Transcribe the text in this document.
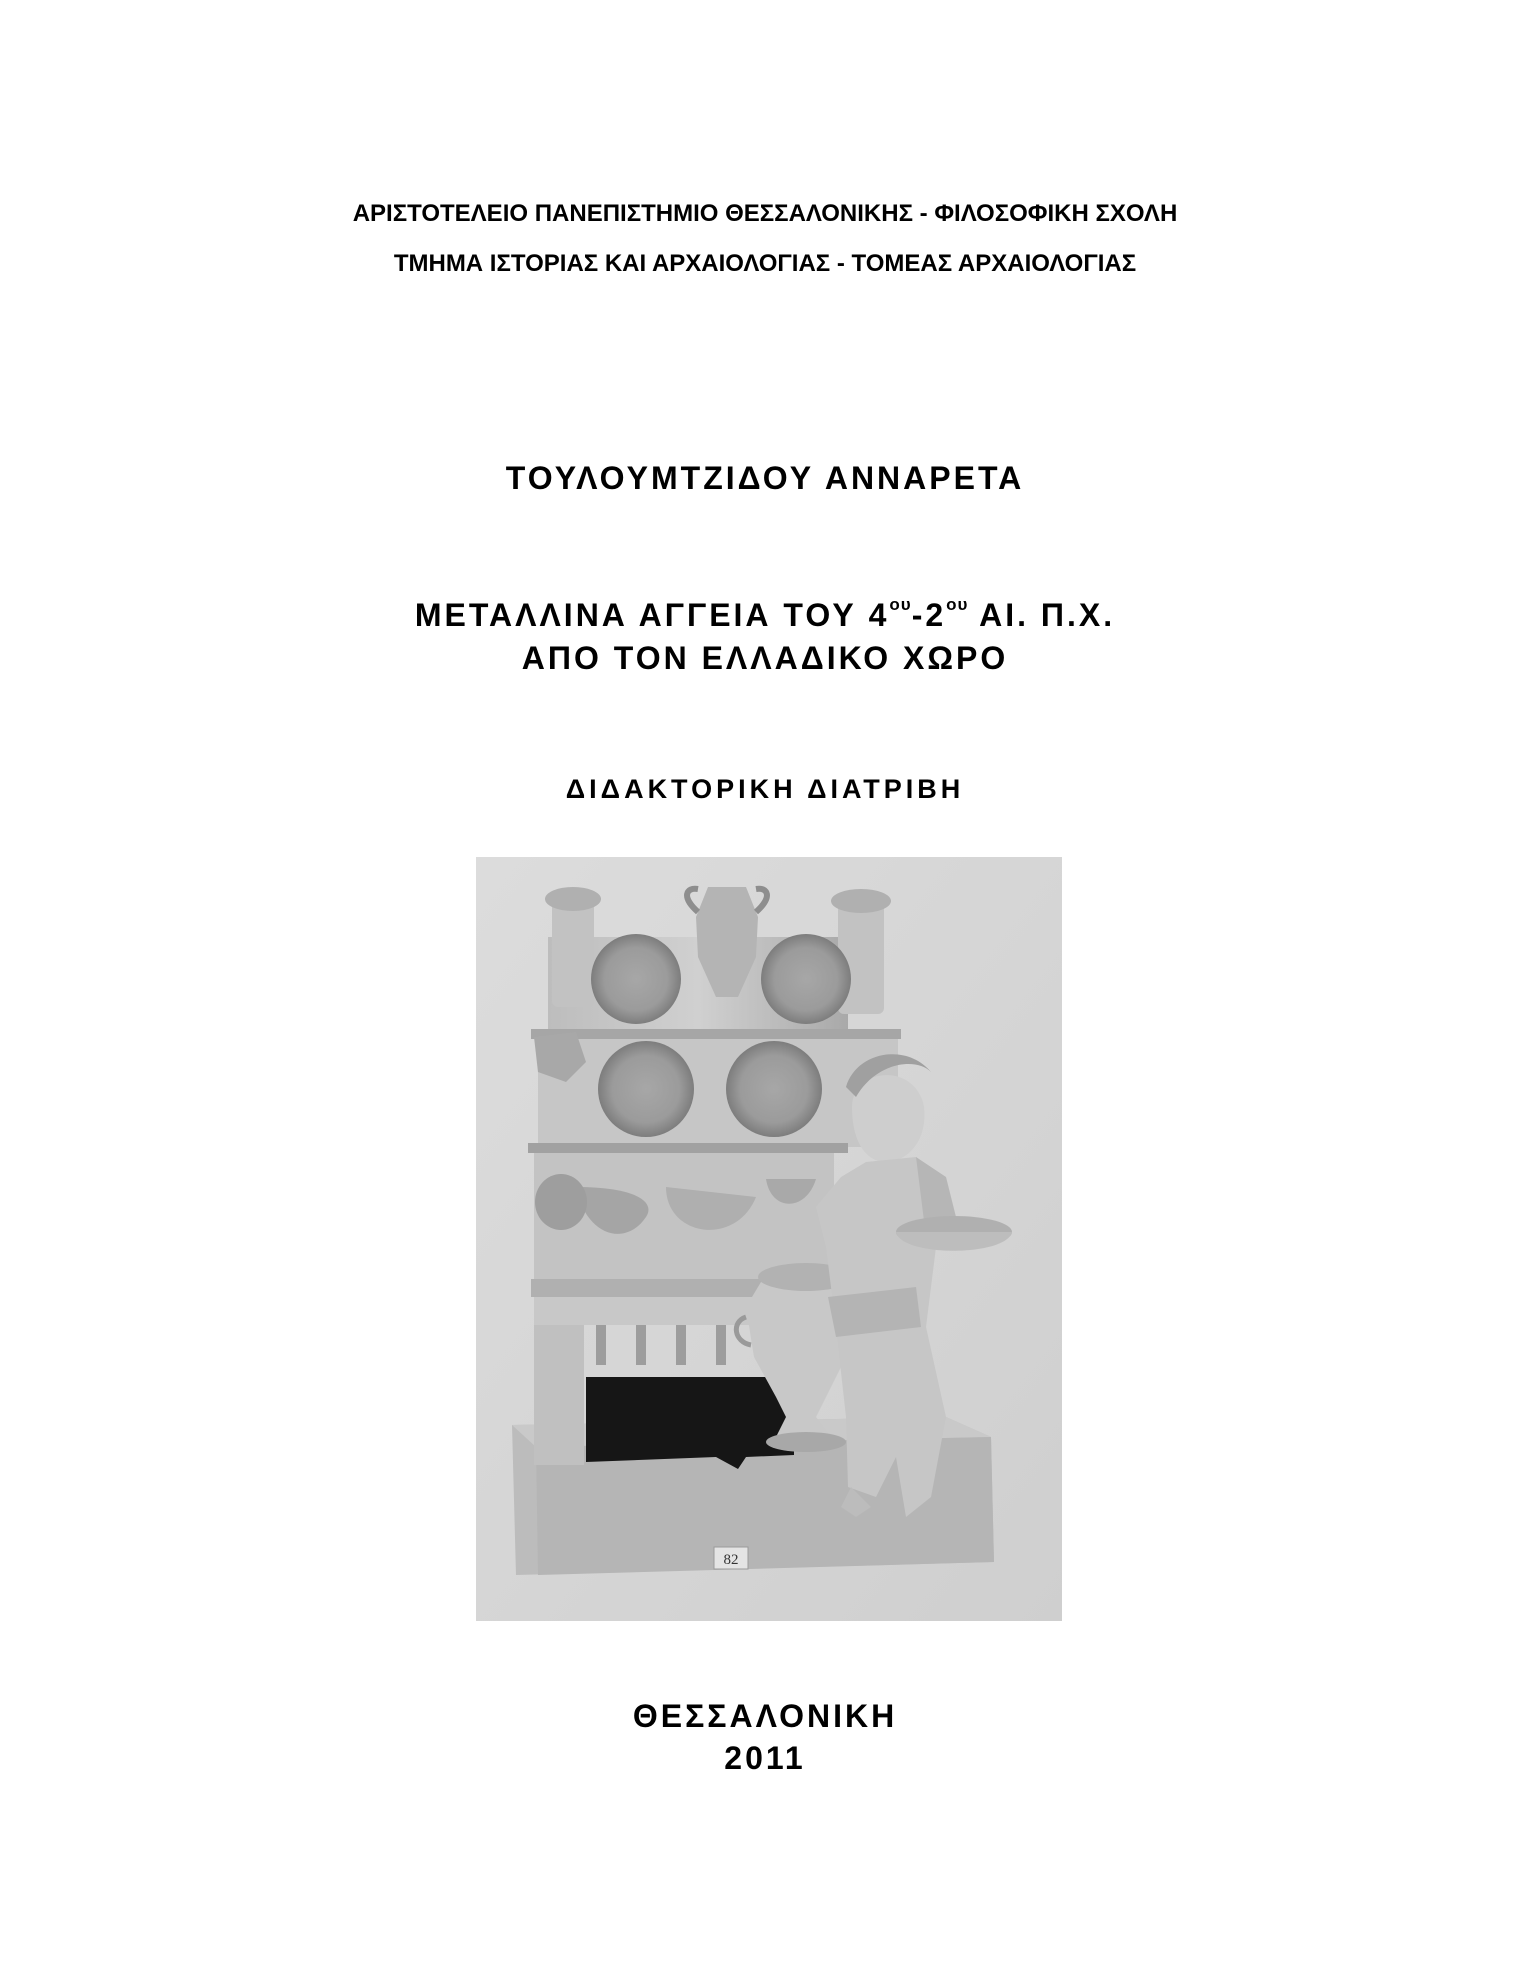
ΑΡΙΣΤΟΤΕΛΕΙΟ ΠΑΝΕΠΙΣΤΗΜΙΟ ΘΕΣΣΑΛΟΝΙΚΗΣ - ΦΙΛΟΣΟΦΙΚΗ ΣΧΟΛΗ
ΤΜΗΜΑ ΙΣΤΟΡΙΑΣ ΚΑΙ ΑΡΧΑΙΟΛΟΓΙΑΣ - ΤΟΜΕΑΣ ΑΡΧΑΙΟΛΟΓΙΑΣ
ΤΟΥΛΟΥΜΤΖΙΔΟΥ ΑΝΝΑΡΕΤΑ
ΜΕΤΑΛΛΙΝΑ ΑΓΓΕΙΑ ΤΟΥ $4^{o\upsilon}-2^{o\upsilon}$ ΑΙ. Π.Χ.
ΑΠΟ ΤΟΝ ΕΛΛΑΔΙΚΟ ΧΩΡΟ
ΔΙΔΑΚΤΟΡΙΚΗ ΔΙΑΤΡΙΒΗ
82
ΘΕΣΣΑΛΟΝΙΚΗ
2011
